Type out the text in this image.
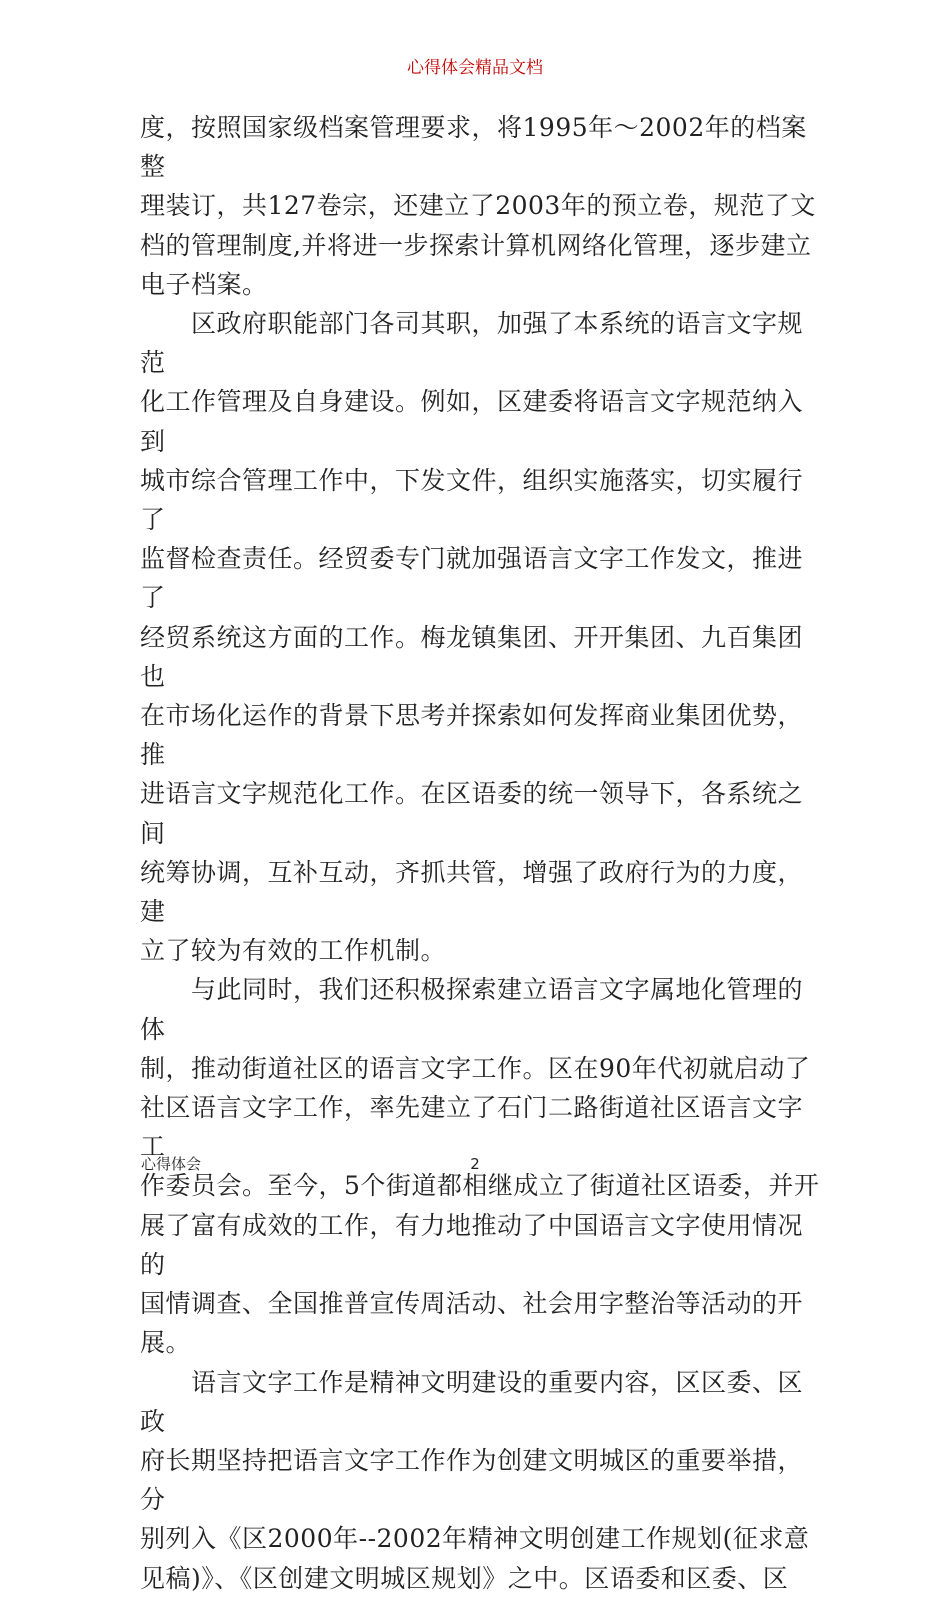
心得体会精品文档

度，按照国家级档案管理要求，将1995年～2002年的档案整
理装订，共127卷宗，还建立了2003年的预立卷，规范了文
档的管理制度,并将进一步探索计算机网络化管理，逐步建立
电子档案。

　　区政府职能部门各司其职，加强了本系统的语言文字规范
化工作管理及自身建设。例如，区建委将语言文字规范纳入到
城市综合管理工作中，下发文件，组织实施落实，切实履行了
监督检查责任。经贸委专门就加强语言文字工作发文，推进了
经贸系统这方面的工作。梅龙镇集团、开开集团、九百集团也
在市场化运作的背景下思考并探索如何发挥商业集团优势，推
进语言文字规范化工作。在区语委的统一领导下，各系统之间
统筹协调，互补互动，齐抓共管，增强了政府行为的力度，建
立了较为有效的工作机制。

　　与此同时，我们还积极探索建立语言文字属地化管理的体
制，推动街道社区的语言文字工作。区在90年代初就启动了
社区语言文字工作，率先建立了石门二路街道社区语言文字工
作委员会。至今，5个街道都相继成立了街道社区语委，并开
展了富有成效的工作，有力地推动了中国语言文字使用情况的
国情调查、全国推普宣传周活动、社会用字整治等活动的开
展。

　　语言文字工作是精神文明建设的重要内容，区区委、区政
府长期坚持把语言文字工作作为创建文明城区的重要举措，分
别列入《区2000年--2002年精神文明创建工作规划(征求意
见稿)》、《区创建文明城区规划》之中。区语委和区委、区

心得体会	2
